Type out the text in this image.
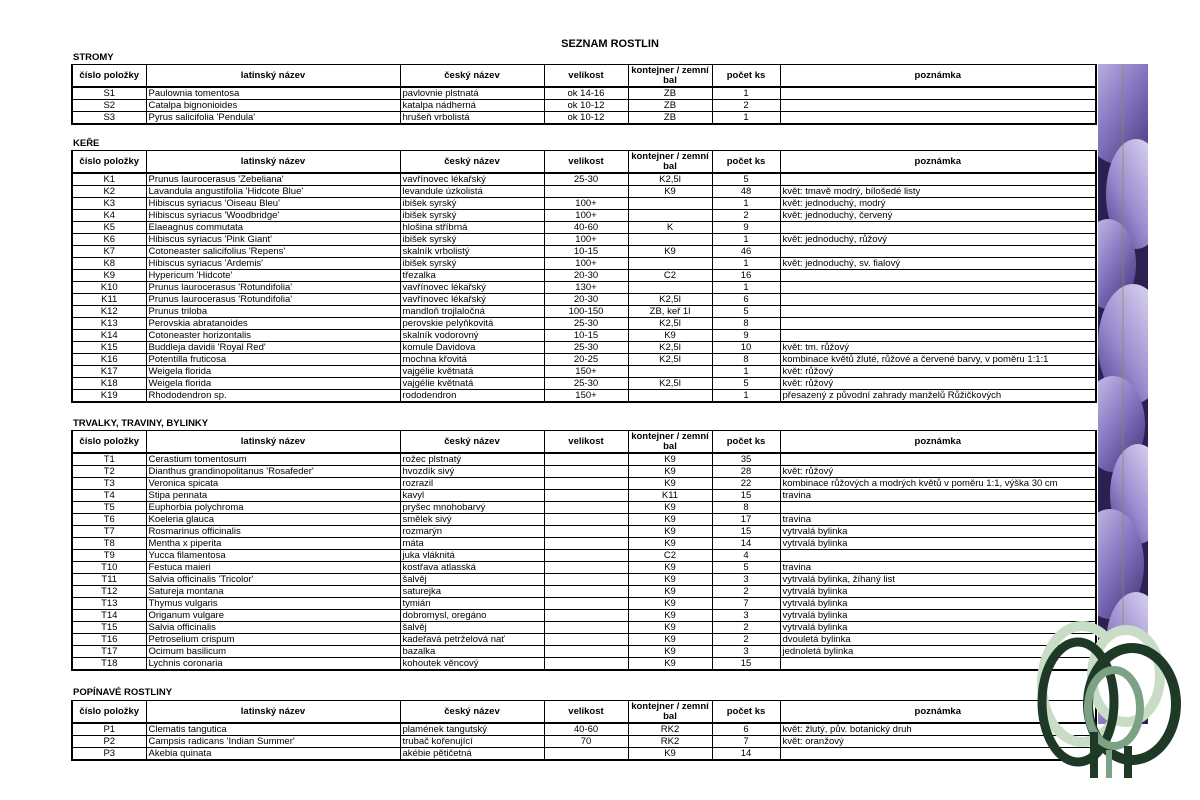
SEZNAM ROSTLIN
STROMY
číslo položky	latinský název	český název	velikost	kontejner / zemní bal	počet ks	poznámka
S1	Paulownia tomentosa	pavlovnie plstnatá	ok 14-16	ZB	1	
S2	Catalpa bignonioides	katalpa nádherná	ok 10-12	ZB	2	
S3	Pyrus salicifolia 'Pendula'	hrušeň vrbolistá	ok 10-12	ZB	1	
KEŘE
číslo položky	latinský název	český název	velikost	kontejner / zemní bal	počet ks	poznámka
K1	Prunus laurocerasus 'Zebeliana'	vavřínovec lékařský	25-30	K2,5l	5	
K2	Lavandula angustifolia 'Hidcote Blue'	levandule úzkolistá		K9	48	květ: tmavě modrý, bílošedé listy
K3	Hibiscus syriacus 'Oiseau Bleu'	ibišek syrský	100+		1	květ: jednoduchý, modrý
K4	Hibiscus syriacus 'Woodbridge'	ibišek syrský	100+		2	květ: jednoduchý, červený
K5	Elaeagnus commutata	hlošina stříbrná	40-60	K	9	
K6	Hibiscus syriacus 'Pink Giant'	ibišek syrský	100+		1	květ: jednoduchý, růžový
K7	Cotoneaster salicifolius 'Repens'	skalník vrbolistý	10-15	K9	46	
K8	Hibiscus syriacus 'Ardemis'	ibišek syrský	100+		1	květ: jednoduchý, sv. fialový
K9	Hypericum 'Hidcote'	třezalka	20-30	C2	16	
K10	Prunus laurocerasus 'Rotundifolia'	vavřínovec lékařský	130+		1	
K11	Prunus laurocerasus 'Rotundifolia'	vavřínovec lékařský	20-30	K2,5l	6	
K12	Prunus triloba	mandloň trojlaločná	100-150	ZB, keř 1l	5	
K13	Perovskia abratanoides	perovskie pelyňkovitá	25-30	K2,5l	8	
K14	Cotoneaster horizontalis	skalník vodorovný	10-15	K9	9	
K15	Buddleja davidii 'Royal Red'	komule Davidova	25-30	K2,5l	10	květ: tm. růžový
K16	Potentilla fruticosa	mochna křovitá	20-25	K2,5l	8	kombinace květů žluté, růžové a červené barvy, v poměru 1:1:1
K17	Weigela florida	vajgélie květnatá	150+		1	květ: růžový
K18	Weigela florida	vajgélie květnatá	25-30	K2,5l	5	květ: růžový
K19	Rhododendron sp.	rododendron	150+		1	přesazený z původní zahrady manželů Růžičkových
TRVALKY, TRAVINY, BYLINKY
číslo položky	latinský název	český název	velikost	kontejner / zemní bal	počet ks	poznámka
T1	Cerastium tomentosum	rožec plstnatý		K9	35	
T2	Dianthus grandinopolitanus 'Rosafeder'	hvozdík sivý		K9	28	květ: růžový
T3	Veronica spicata	rozrazil		K9	22	kombinace růžových a modrých květů v poměru 1:1, výška 30 cm
T4	Stipa pennata	kavyl		K11	15	travina
T5	Euphorbia polychroma	pryšec mnohobarvý		K9	8	
T6	Koeleria glauca	smělek sivý		K9	17	travina
T7	Rosmarinus officinalis	rozmarýn		K9	15	vytrvalá bylinka
T8	Mentha x piperita	máta		K9	14	vytrvalá bylinka
T9	Yucca filamentosa	juka vláknitá		C2	4	
T10	Festuca maieri	kostřava atlasská		K9	5	travina
T11	Salvia officinalis 'Tricolor'	šalvěj		K9	3	vytrvalá bylinka, žíhaný list
T12	Satureja montana	saturejka		K9	2	vytrvalá bylinka
T13	Thymus vulgaris	tymián		K9	7	vytrvalá bylinka
T14	Origanum vulgare	dobromysl, oregáno		K9	3	vytrvalá bylinka
T15	Salvia officinalis	šalvěj		K9	2	vytrvalá bylinka
T16	Petroselium crispum	kadeřavá petrželová nať		K9	2	dvouletá bylinka
T17	Ocimum basilicum	bazalka		K9	3	jednoletá bylinka
T18	Lychnis coronaria	kohoutek věncový		K9	15	
POPÍNAVÉ ROSTLINY
číslo položky	latinský název	český název	velikost	kontejner / zemní bal	počet ks	poznámka
P1	Clematis tangutica	plamének tangutský	40-60	RK2	6	květ: žlutý, pův. botanický druh
P2	Campsis radicans 'Indian Summer'	trubač kořenující	70	RK2	7	květ: oranžový
P3	Akebia quinata	akébie pětičetná		K9	14	
